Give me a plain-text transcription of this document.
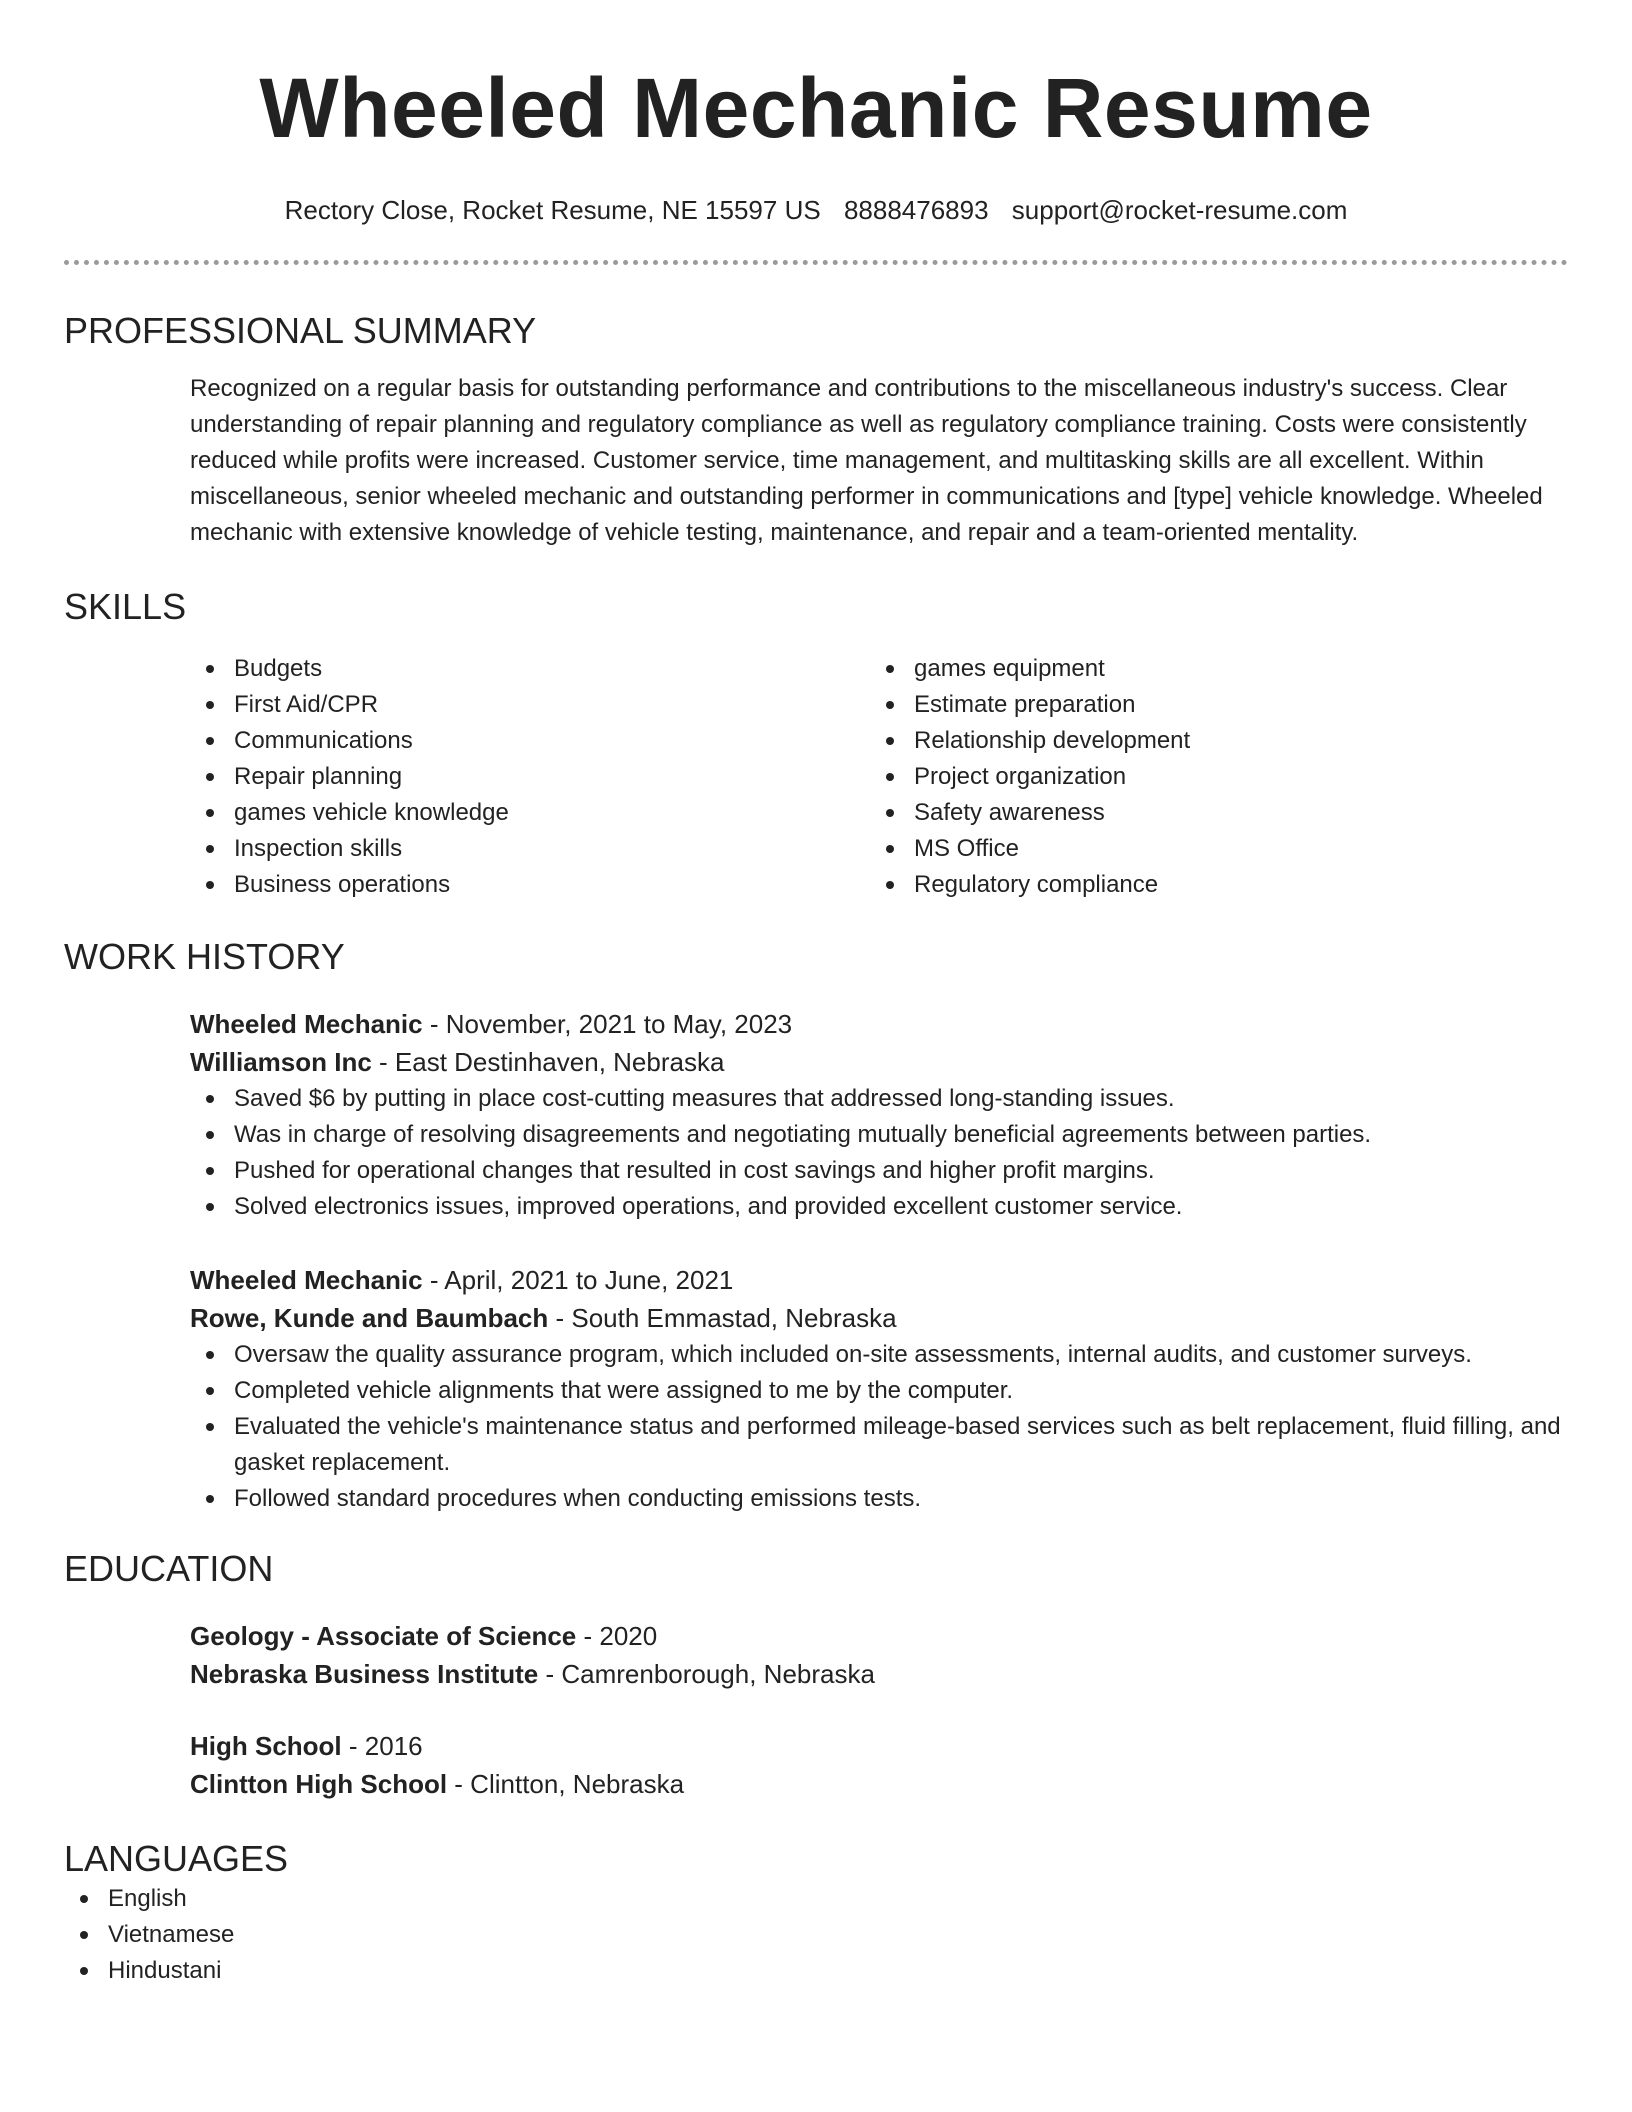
Wheeled Mechanic Resume
Rectory Close, Rocket Resume, NE 15597 US 8888476893 support@rocket-resume.com
PROFESSIONAL SUMMARY
Recognized on a regular basis for outstanding performance and contributions to the miscellaneous industry's success. Clear understanding of repair planning and regulatory compliance as well as regulatory compliance training. Costs were consistently reduced while profits were increased. Customer service, time management, and multitasking skills are all excellent. Within miscellaneous, senior wheeled mechanic and outstanding performer in communications and [type] vehicle knowledge. Wheeled mechanic with extensive knowledge of vehicle testing, maintenance, and repair and a team-oriented mentality.
SKILLS
Budgets
First Aid/CPR
Communications
Repair planning
games vehicle knowledge
Inspection skills
Business operations
games equipment
Estimate preparation
Relationship development
Project organization
Safety awareness
MS Office
Regulatory compliance
WORK HISTORY
Wheeled Mechanic - November, 2021 to May, 2023
Williamson Inc - East Destinhaven, Nebraska
Saved $6 by putting in place cost-cutting measures that addressed long-standing issues.
Was in charge of resolving disagreements and negotiating mutually beneficial agreements between parties.
Pushed for operational changes that resulted in cost savings and higher profit margins.
Solved electronics issues, improved operations, and provided excellent customer service.
Wheeled Mechanic - April, 2021 to June, 2021
Rowe, Kunde and Baumbach - South Emmastad, Nebraska
Oversaw the quality assurance program, which included on-site assessments, internal audits, and customer surveys.
Completed vehicle alignments that were assigned to me by the computer.
Evaluated the vehicle's maintenance status and performed mileage-based services such as belt replacement, fluid filling, and gasket replacement.
Followed standard procedures when conducting emissions tests.
EDUCATION
Geology - Associate of Science - 2020
Nebraska Business Institute - Camrenborough, Nebraska
High School - 2016
Clintton High School - Clintton, Nebraska
LANGUAGES
English
Vietnamese
Hindustani
